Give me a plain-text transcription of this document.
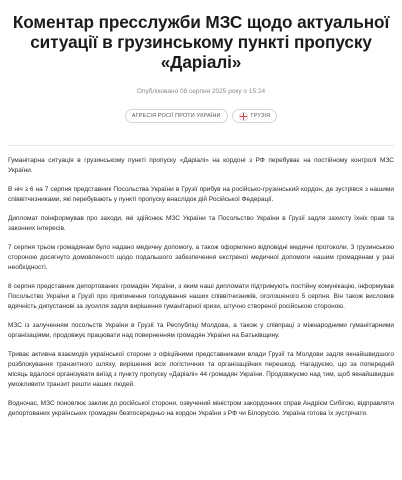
Коментар пресслужби МЗС щодо актуальної ситуації в грузинському пункті пропуску «Даріалі»
Опубліковано 08 серпня 2025 року о 15:24
АГРЕСІЯ РОСІЇ ПРОТИ УКРАЇНИ	ГРУЗІЯ

Гуманітарна ситуація в грузинському пункті пропуску «Даріалі» на кордоні з РФ перебуває на постійному контролі МЗС України.

В ніч з 6 на 7 серпня представник Посольства України в Грузії прибув на російсько-грузинський кордон, де зустрівся з нашими співвітчизниками, які перебувають у пункті пропуску внаслідок дій Російської Федерації.

Дипломат поінформував про заходи, які здійснює МЗС України та Посольство України в Грузії задля захисту їхніх прав та законних інтересів.

7 серпня трьом громадянам було надано медичну допомогу, а також оформлено відповідні медичні протоколи. З грузинською стороною досягнуто домовленості щодо подальшого забезпечення екстреної медичної допомоги нашим громадянам у разі необхідності.

8 серпня представник депортованих громадян України, з яким наші дипломати підтримують постійну комунікацію, інформував Посольство України в Грузії про припинення голодування наших співвітчизників, оголошеного 5 серпня. Він також висловив вдячність дипустанові за зусилля задля вирішення гуманітарної кризи, штучно створеної російською стороною.

МЗС із залученням посольств України в Грузії та Республіці Молдова, а також у співпраці з міжнародними гуманітарними організаціями, продовжує працювати над поверненням громадян України на Батьківщину.

Триває активна взаємодія української сторони з офіційними представниками влади Грузії та Молдови задля якнайшвидшого розблокування транзитного шляху, вирішення всіх логістичних та організаційних перешкод. Нагадуємо, що за попередній місяць вдалося організувати виїзд з пункту пропуску «Даріалі» 44 громадян України. Продовжуємо над тим, щоб якнайшвидше уможливити транзит решти наших людей.

Водночас, МЗС поновлює заклик до російської сторони, озвучений міністром закордонних справ Андрієм Сибігою, відправляти депортованих українських громадян безпосередньо на кордон України з РФ чи Білоруссю. Україна готова їх зустрічати.
